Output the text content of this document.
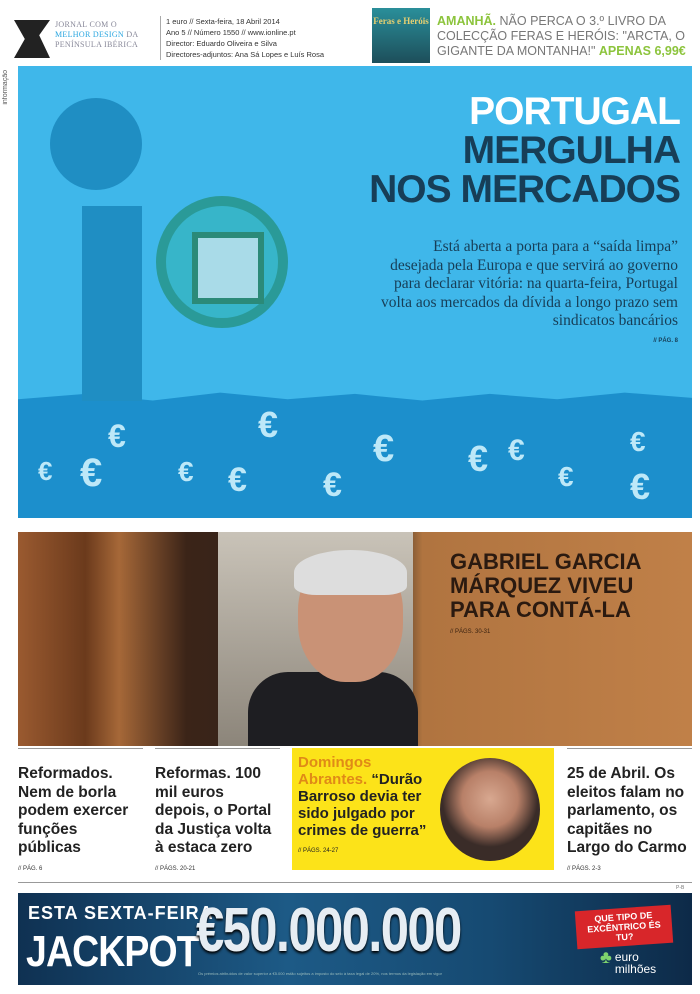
JORNAL COM O
MELHOR DESIGN DA
PENÍNSULA IBÉRICA
1 euro // Sexta-feira, 18 Abril 2014
Ano 5 // Número 1550 // www.ionline.pt
Director: Eduardo Oliveira e Silva
Directores-adjuntos: Ana Sá Lopes e Luís Rosa
Feras e Heróis AMANHÃ. NÃO PERCA O 3.º LIVRO DA COLECÇÃO FERAS E HERÓIS: "ARCTA, O GIGANTE DA MONTANHA!" APENAS 6,99€
informação
PORTUGAL
MERGULHA
NOS MERCADOS
Está aberta a porta para a “saída limpa” desejada pela Europa e que servirá ao governo para declarar vitória: na quarta-feira, Portugal volta aos mercados da dívida a longo prazo sem sindicatos bancários
// PÁG. 8
€ €
€
€ €
€
€
€ € €
€
€
€
GABRIEL GARCIA MÁRQUEZ VIVEU PARA CONTÁ-LA
// PÁGS. 30-31
Reformados. Nem de borla podem exercer funções públicas
// PÁG. 6
Reformas. 100 mil euros depois, o Portal da Justiça volta à estaca zero
// PÁGS. 20-21
Domingos Abrantes. “Durão Barroso devia ter sido julgado por crimes de guerra” // PÁGS. 24-27
25 de Abril. Os eleitos falam no parlamento, os capitães no Largo do Carmo
// PÁGS. 2-3
P-B
ESTA SEXTA-FEIRA
JACKPOT
€50.000.000
Os prémios atribuídos de valor superior a €5.000 estão sujeitos a imposto do selo à taxa legal de 20%, nos termos da legislação em vigor
QUE TIPO DE EXCÊNTRICO ÉS TU?
♣ euro
milhões
